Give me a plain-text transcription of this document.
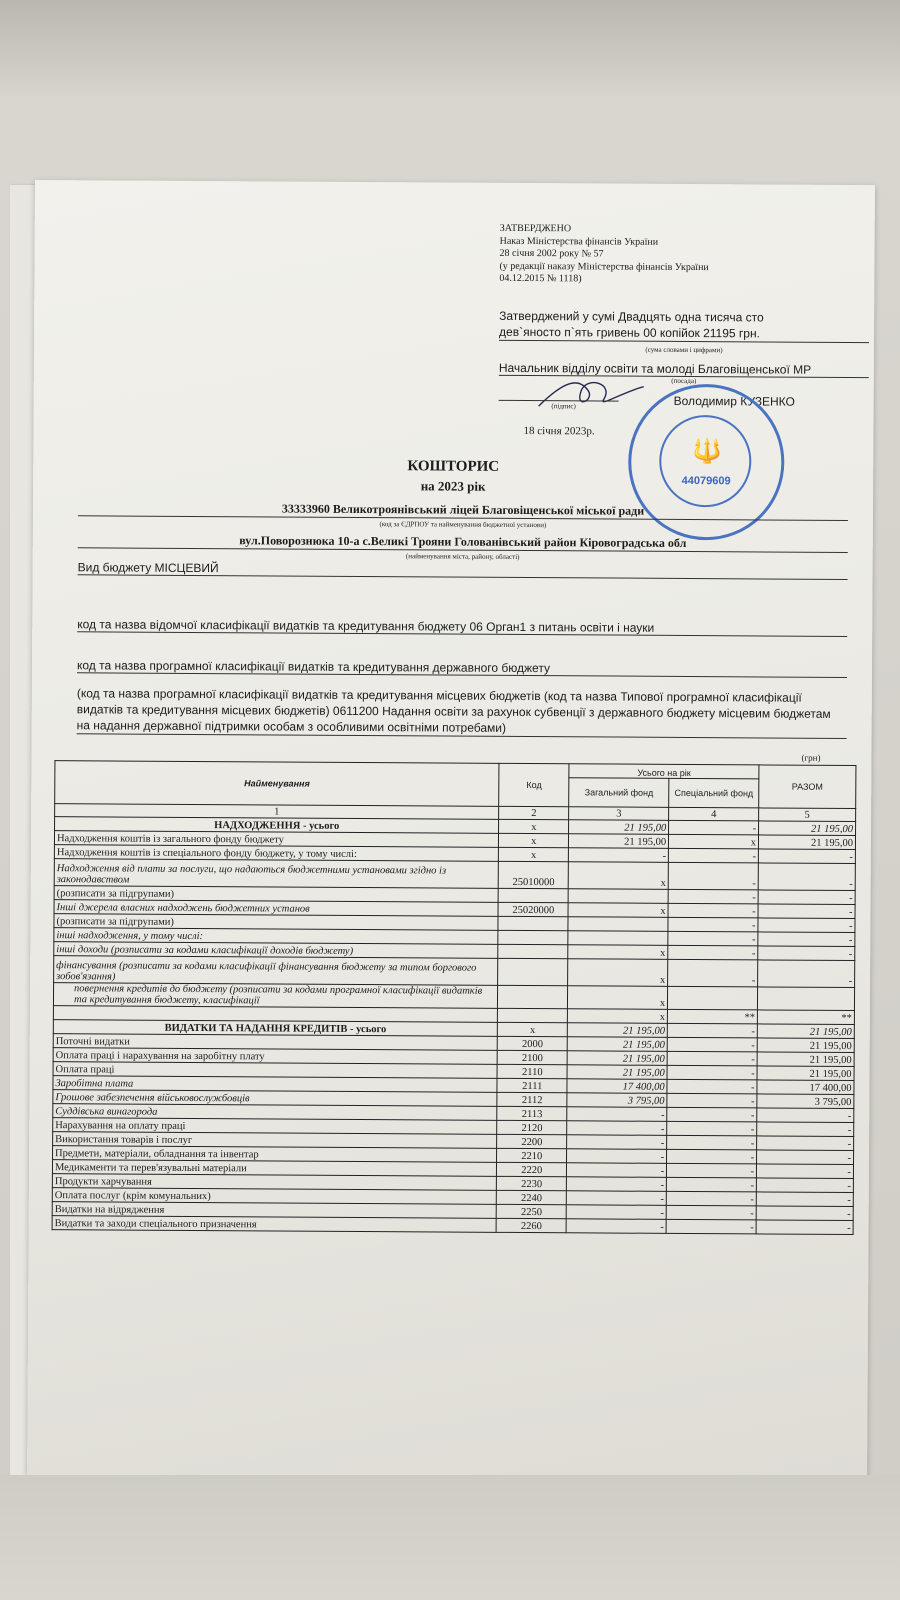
ЗАТВЕРДЖЕНО
Наказ Міністерства фінансів України
28 січня 2002 року № 57
(у редакції наказу Міністерства фінансів України
04.12.2015 № 1118)
Затверджений у сумі Двадцять одна тисяча сто
дев`яносто п`ять гривень 00 копійок 21195 грн.
(сума словами і цифрами)
Начальник відділу освіти та молоді Благовіщенської МР
(посада)
(підпис)	Володимир КУЗЕНКО
18 січня 2023р.
🔱
44079609
КОШТОРИС
на 2023 рік
33333960 Великотроянівський ліцей Благовіщенської міської ради
(код за ЄДРПОУ та найменування бюджетної установи)
вул.Поворознюка 10-а с.Великі Трояни Голованівський район Кіровоградська обл
(найменування міста, району, області)
Вид бюджету МІСЦЕВИЙ
код та назва відомчої класифікації видатків та кредитування бюджету 06 Орган1 з питань освіти і науки
код та назва програмної класифікації видатків та кредитування державного бюджету
(код та назва програмної класифікації видатків та кредитування місцевих бюджетів (код та назва Типової програмної класифікації видатків та кредитування місцевих бюджетів) 0611200 Надання освіти за рахунок субвенції з державного бюджету місцевим бюджетам на надання державної підтримки особам з особливими освітніми потребами)
(грн)
Найменування	Код	Усього на рік		РАЗОМ
		Загальний фонд	Спеціальний фонд	
1	2	3	4	5
НАДХОДЖЕННЯ - усього	x	21 195,00	-	21 195,00
Надходження коштів із загального фонду бюджету	x	21 195,00	x	21 195,00
Надходження коштів із спеціального фонду бюджету, у тому числі:	x	-	-	-
Надходження від плати за послуги, що надаються бюджетними установами згідно із законодавством	25010000	x	-	-
(розписати за підгрупами)			-	-
Інші джерела власних надходжень бюджетних установ	25020000	x	-	-
(розписати за підгрупами)			-	-
інші надходження, у тому числі:			-	-
інші доходи (розписати за кодами класифікації доходів бюджету)		x	-	-
фінансування (розписати за кодами класифікації фінансування бюджету за типом боргового зобов'язання)		x	-	-
повернення кредитів до бюджету (розписати за кодами програмної класифікації видатків та кредитування бюджету, класифікації		x		
		x	**	**
ВИДАТКИ ТА НАДАННЯ КРЕДИТІВ - усього	x	21 195,00	-	21 195,00
Поточні видатки	2000	21 195,00	-	21 195,00
Оплата праці і нарахування на заробітну плату	2100	21 195,00	-	21 195,00
Оплата праці	2110	21 195,00	-	21 195,00
Заробітна плата	2111	17 400,00	-	17 400,00
Грошове забезпечення військовослужбовців	2112	3 795,00	-	3 795,00
Суддівська винагорода	2113	-	-	-
Нарахування на оплату праці	2120	-	-	-
Використання товарів і послуг	2200	-	-	-
Предмети, матеріали, обладнання та інвентар	2210	-	-	-
Медикаменти та перев'язувальні матеріали	2220	-	-	-
Продукти харчування	2230	-	-	-
Оплата послуг (крім комунальних)	2240	-	-	-
Видатки на відрядження	2250	-	-	-
Видатки та заходи спеціального призначення	2260	-	-	-
